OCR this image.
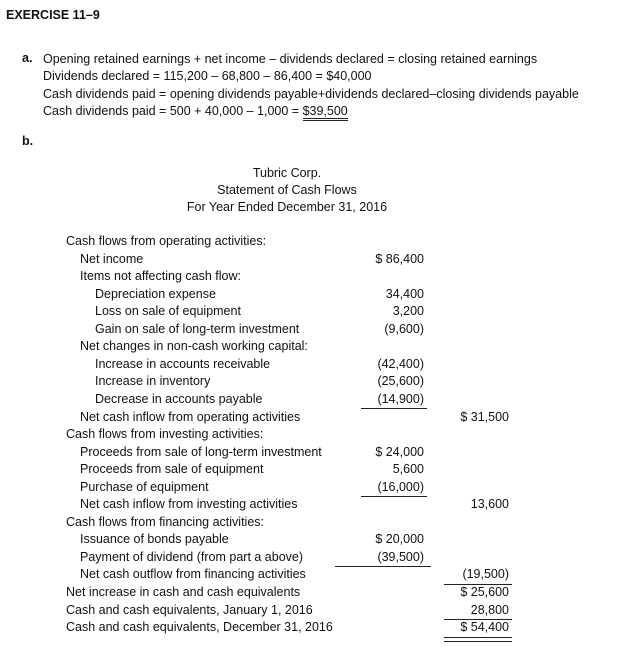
EXERCISE 11–9
a. Opening retained earnings + net income – dividends declared = closing retained earnings
Dividends declared = 115,200 – 68,800 – 86,400 = $40,000
Cash dividends paid = opening dividends payable+dividends declared–closing dividends payable
Cash dividends paid = 500 + 40,000 – 1,000 = $39,500
b.
Tubric Corp.
Statement of Cash Flows
For Year Ended December 31, 2016
Cash flows from operating activities:
Net income	$ 86,400
Items not affecting cash flow:
Depreciation expense	34,400
Loss on sale of equipment	3,200
Gain on sale of long-term investment	(9,600)
Net changes in non-cash working capital:
Increase in accounts receivable	(42,400)
Increase in inventory	(25,600)
Decrease in accounts payable	(14,900)
Net cash inflow from operating activities	$ 31,500
Cash flows from investing activities:
Proceeds from sale of long-term investment	$ 24,000
Proceeds from sale of equipment	5,600
Purchase of equipment	(16,000)
Net cash inflow from investing activities	13,600
Cash flows from financing activities:
Issuance of bonds payable	$ 20,000
Payment of dividend (from part a above)	(39,500)
Net cash outflow from financing activities	(19,500)
Net increase in cash and cash equivalents	$ 25,600
Cash and cash equivalents, January 1, 2016	28,800
Cash and cash equivalents, December 31, 2016	$ 54,400
